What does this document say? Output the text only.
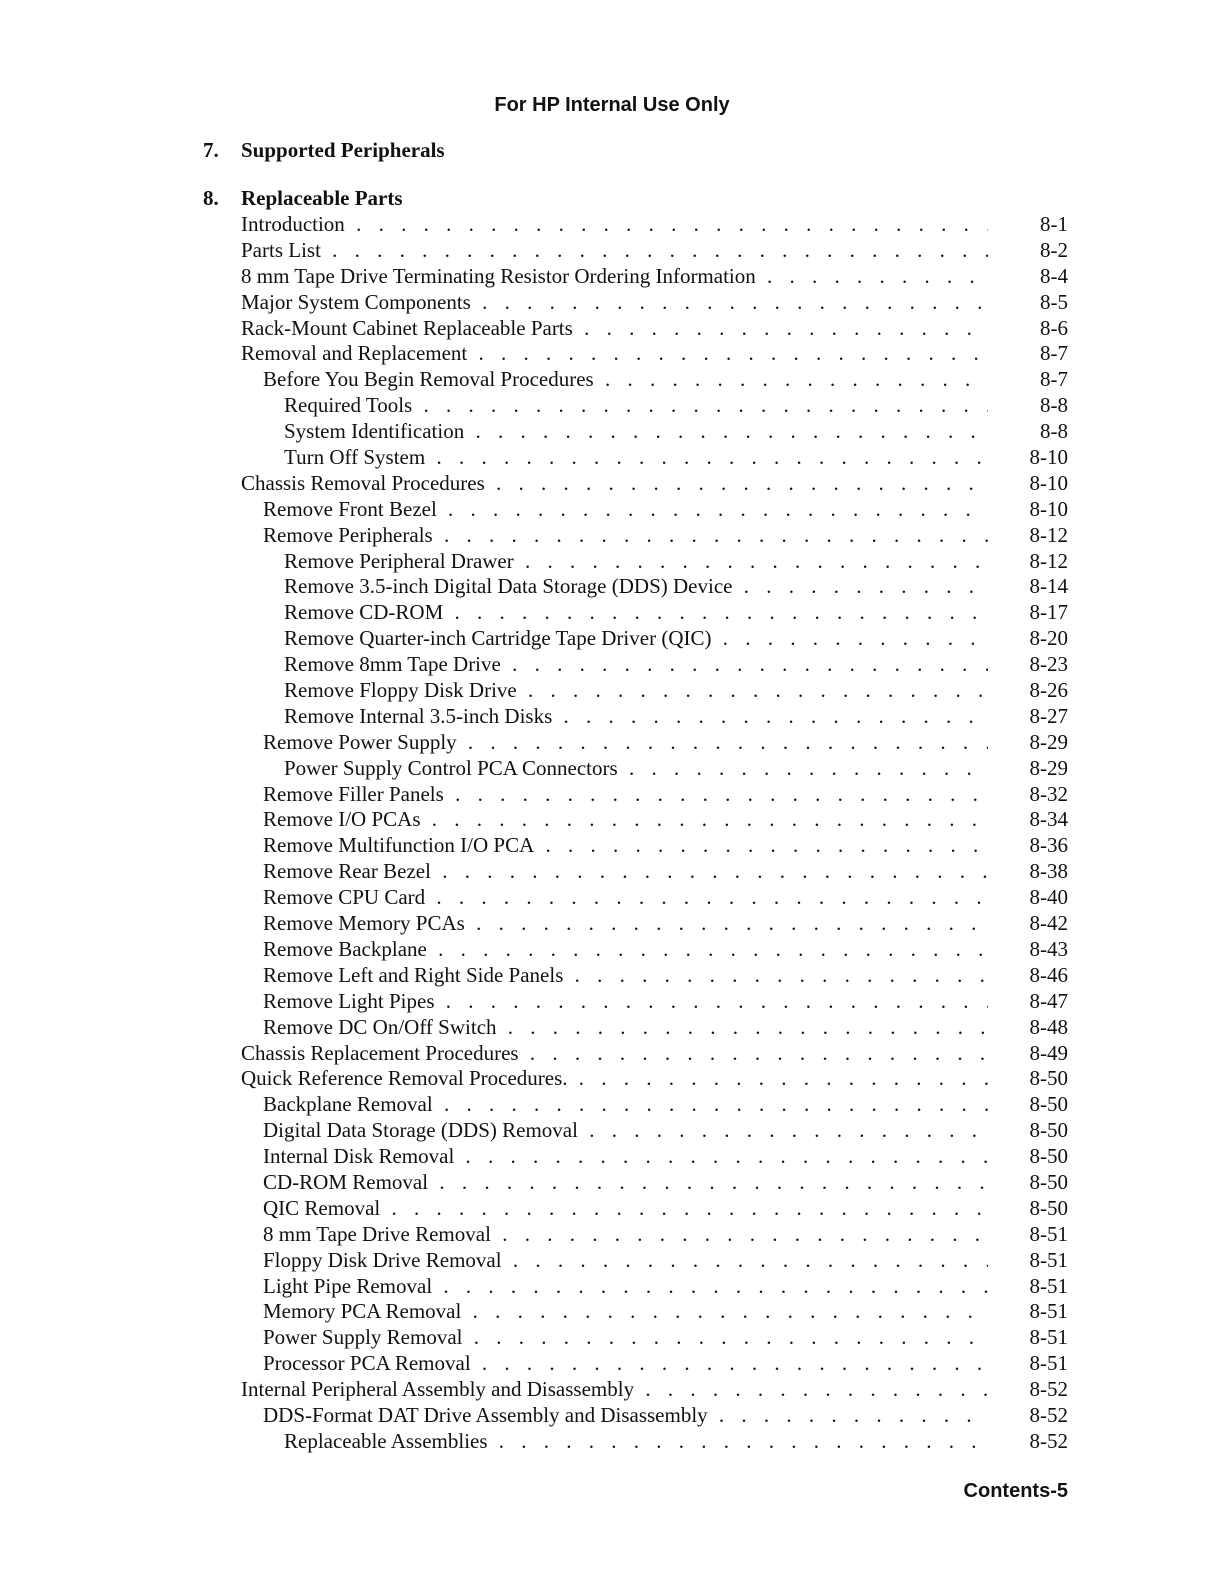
For HP Internal Use Only
7. Supported Peripherals
8. Replaceable Parts
Introduction . . .	8-1
Parts List . . .	8-2
8 mm Tape Drive Terminating Resistor Ordering Information . . .	8-4
Major System Components . . .	8-5
Rack-Mount Cabinet Replaceable Parts . . .	8-6
Removal and Replacement . . .	8-7
Before You Begin Removal Procedures . . .	8-7
Required Tools . . .	8-8
System Identification . . .	8-8
Turn Off System . . .	8-10
Chassis Removal Procedures . . .	8-10
Remove Front Bezel . . .	8-10
Remove Peripherals . . .	8-12
Remove Peripheral Drawer . . .	8-12
Remove 3.5-inch Digital Data Storage (DDS) Device . . .	8-14
Remove CD-ROM . . .	8-17
Remove Quarter-inch Cartridge Tape Driver (QIC) . . .	8-20
Remove 8mm Tape Drive . . .	8-23
Remove Floppy Disk Drive . . .	8-26
Remove Internal 3.5-inch Disks . . .	8-27
Remove Power Supply . . .	8-29
Power Supply Control PCA Connectors . . .	8-29
Remove Filler Panels . . .	8-32
Remove I/O PCAs . . .	8-34
Remove Multifunction I/O PCA . . .	8-36
Remove Rear Bezel . . .	8-38
Remove CPU Card . . .	8-40
Remove Memory PCAs . . .	8-42
Remove Backplane . . .	8-43
Remove Left and Right Side Panels . . .	8-46
Remove Light Pipes . . .	8-47
Remove DC On/Off Switch . . .	8-48
Chassis Replacement Procedures . . .	8-49
Quick Reference Removal Procedures. . . .	8-50
Backplane Removal . . .	8-50
Digital Data Storage (DDS) Removal . . .	8-50
Internal Disk Removal . . .	8-50
CD-ROM Removal . . .	8-50
QIC Removal . . .	8-50
8 mm Tape Drive Removal . . .	8-51
Floppy Disk Drive Removal . . .	8-51
Light Pipe Removal . . .	8-51
Memory PCA Removal . . .	8-51
Power Supply Removal . . .	8-51
Processor PCA Removal . . .	8-51
Internal Peripheral Assembly and Disassembly . . .	8-52
DDS-Format DAT Drive Assembly and Disassembly . . .	8-52
Replaceable Assemblies . . .	8-52
Contents-5
